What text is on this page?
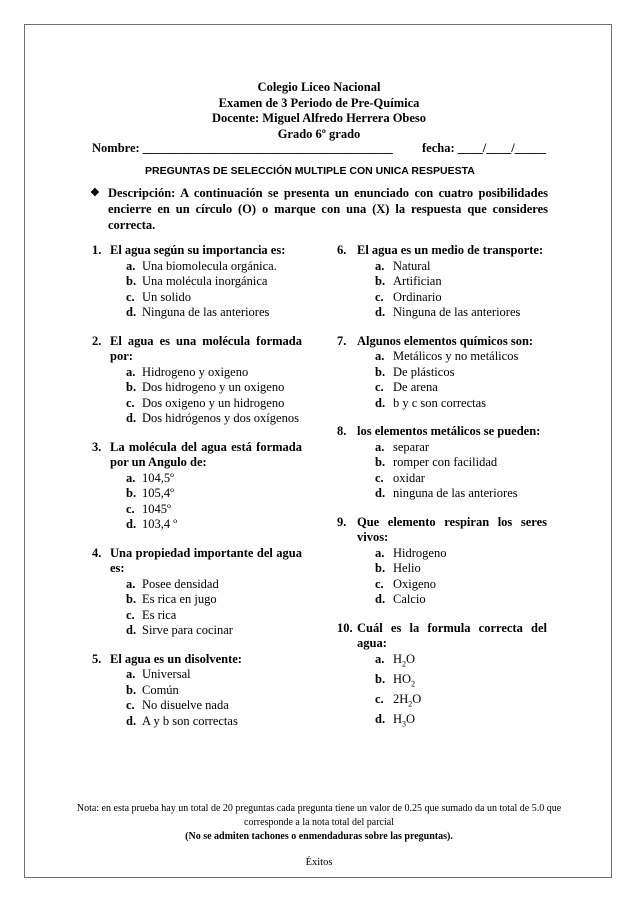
Colegio Liceo Nacional
Examen de 3 Periodo de Pre-Química
Docente: Miguel Alfredo Herrera Obeso
Grado 6º grado
Nombre: ________________________________________ fecha: ____/____/_____
PREGUNTAS DE SELECCIÓN MULTIPLE CON UNICA RESPUESTA
❖ Descripción: A continuación se presenta un enunciado con cuatro posibilidades encierre en un círculo (O) o marque con una (X) la respuesta que consideres correcta.
1. El agua según su importancia es:
a. Una biomolecula orgánica.
b. Una molécula inorgánica
c. Un solido
d. Ninguna de las anteriores
2. El agua es una molécula formada por:
a. Hidrogeno y oxigeno
b. Dos hidrogeno y un oxigeno
c. Dos oxigeno y un hidrogeno
d. Dos hidrógenos y dos oxígenos
3. La molécula del agua está formada por un Angulo de:
a. 104,5º
b. 105,4º
c. 1045º
d. 103,4 º
4. Una propiedad importante del agua es:
a. Posee densidad
b. Es rica en jugo
c. Es rica
d. Sirve para cocinar
5. El agua es un disolvente:
a. Universal
b. Común
c. No disuelve nada
d. A y b son correctas
6. El agua es un medio de transporte:
a. Natural
b. Artifician
c. Ordinario
d. Ninguna de las anteriores
7. Algunos elementos químicos son:
a. Metálicos y no metálicos
b. De plásticos
c. De arena
d. b y c son correctas
8. los elementos metálicos se pueden:
a. separar
b. romper con facilidad
c. oxidar
d. ninguna de las anteriores
9. Que elemento respiran los seres vivos:
a. Hidrogeno
b. Helio
c. Oxigeno
d. Calcio
10. Cuál es la formula correcta del agua:
a. $H_2O$
b. $HO_2$
c. $2H_2O$
d. $H_3O$
Nota: en esta prueba hay un total de 20 preguntas cada pregunta tiene un valor de 0.25 que sumado da un total de 5.0 que corresponde a la nota total del parcial
(No se admiten tachones o enmendaduras sobre las preguntas).
Éxitos
